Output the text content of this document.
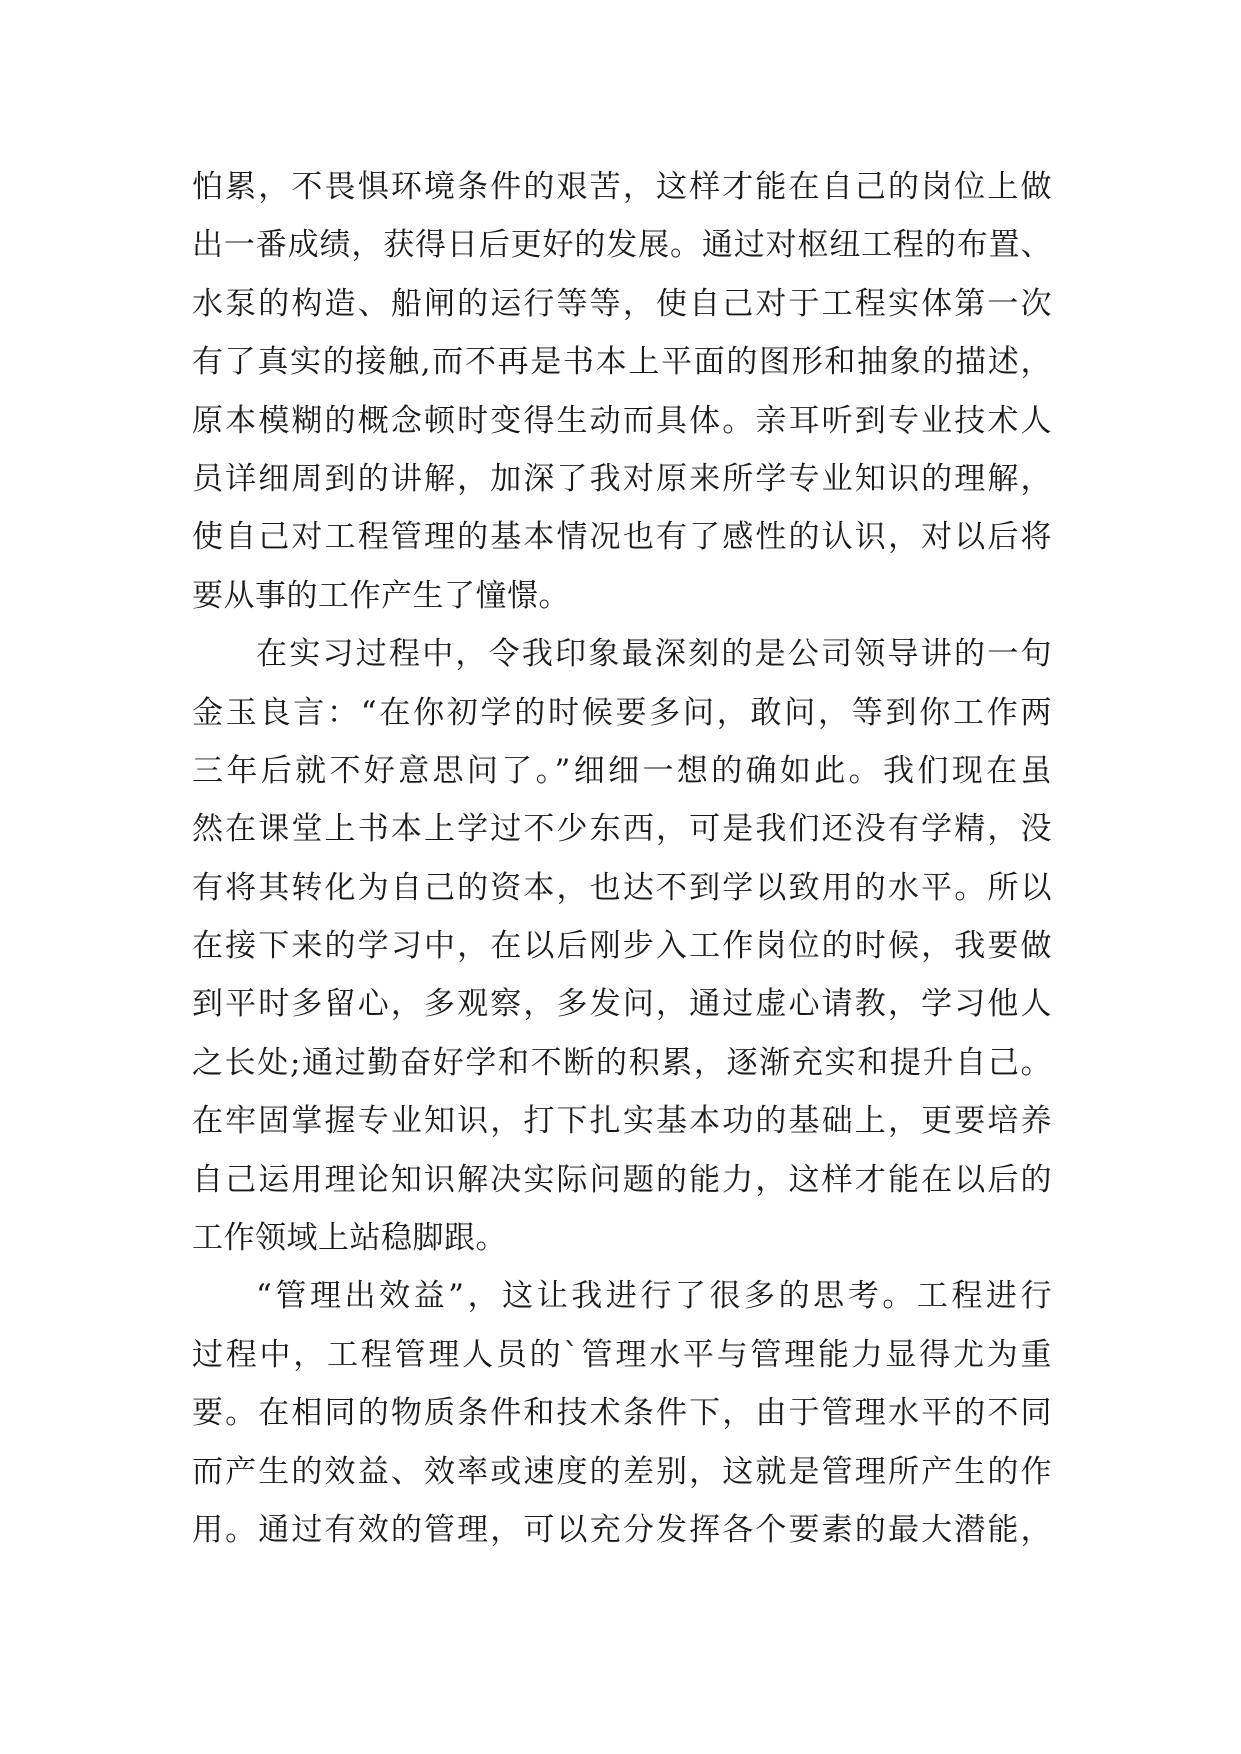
怕累，不畏惧环境条件的艰苦，这样才能在自己的岗位上做
出一番成绩，获得日后更好的发展。通过对枢纽工程的布置、
水泵的构造、船闸的运行等等，使自己对于工程实体第一次
有了真实的接触,而不再是书本上平面的图形和抽象的描述，
原本模糊的概念顿时变得生动而具体。亲耳听到专业技术人
员详细周到的讲解，加深了我对原来所学专业知识的理解，
使自己对工程管理的基本情况也有了感性的认识，对以后将
要从事的工作产生了憧憬。
在实习过程中，令我印象最深刻的是公司领导讲的一句
金玉良言：“在你初学的时候要多问，敢问，等到你工作两
三年后就不好意思问了。”细细一想的确如此。我们现在虽
然在课堂上书本上学过不少东西，可是我们还没有学精，没
有将其转化为自己的资本，也达不到学以致用的水平。所以
在接下来的学习中，在以后刚步入工作岗位的时候，我要做
到平时多留心，多观察，多发问，通过虚心请教，学习他人
之长处;通过勤奋好学和不断的积累，逐渐充实和提升自己。
在牢固掌握专业知识，打下扎实基本功的基础上，更要培养
自己运用理论知识解决实际问题的能力，这样才能在以后的
工作领域上站稳脚跟。
“管理出效益”，这让我进行了很多的思考。工程进行
过程中，工程管理人员的`管理水平与管理能力显得尤为重
要。在相同的物质条件和技术条件下，由于管理水平的不同
而产生的效益、效率或速度的差别，这就是管理所产生的作
用。通过有效的管理，可以充分发挥各个要素的最大潜能，
